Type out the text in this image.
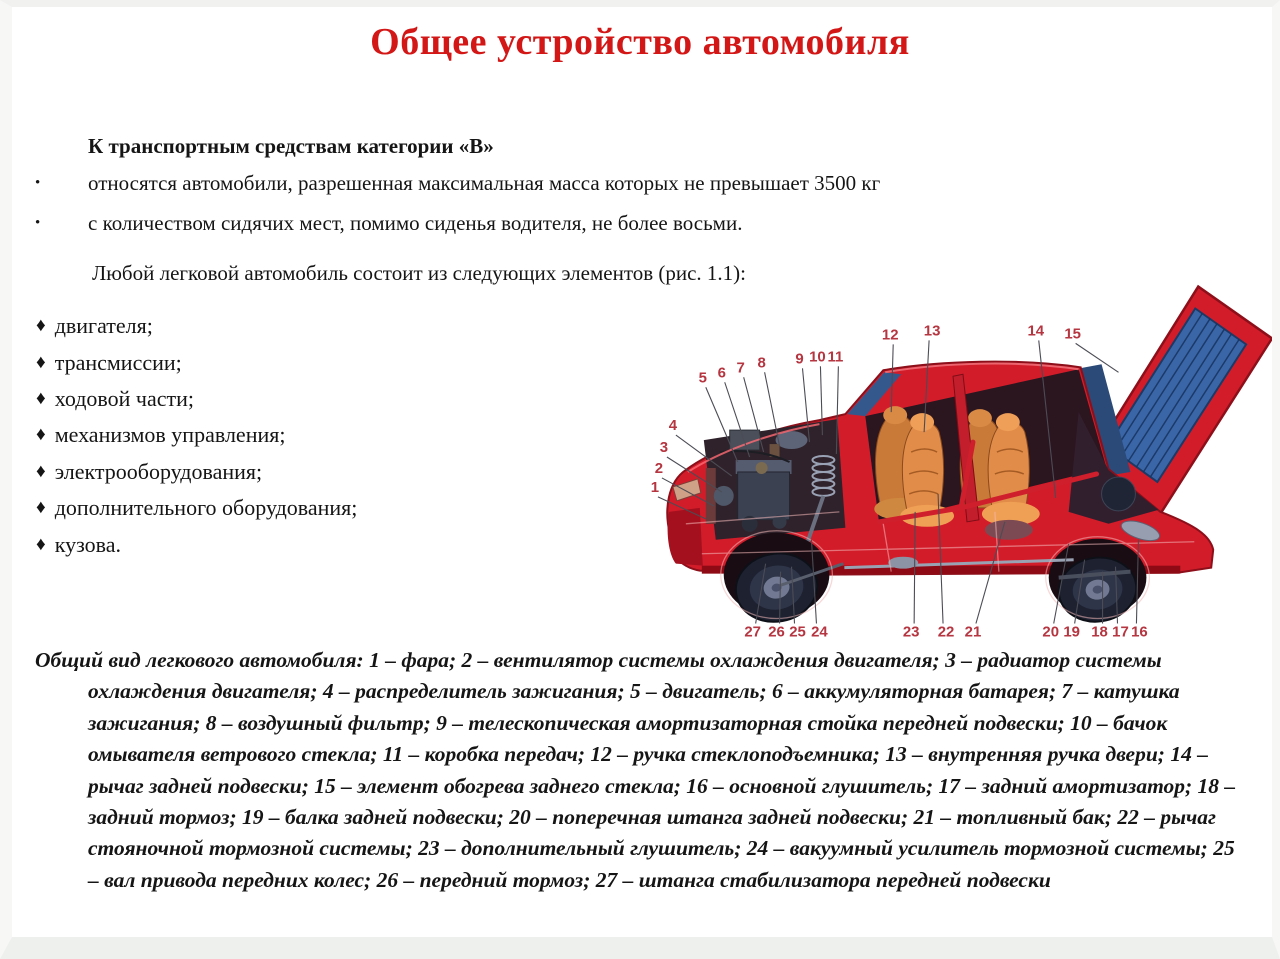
Общее устройство автомобиля

К транспортным средствам категории «В»

•	относятся автомобили, разрешенная максимальная масса которых не превышает 3500 кг
•	с количеством сидячих мест, помимо сиденья водителя, не более восьми.

Любой легковой автомобиль состоит из следующих элементов (рис. 1.1):

♦ двигателя;
♦ трансмиссии;
♦ ходовой части;
♦ механизмов управления;
♦ электрооборудования;
♦ дополнительного оборудования;
♦ кузова.
1
2
3
4
5 6 7 8 9 10 11
12 13	14 15
16
17
18
19
20
21
22
23
24
25
26
27

Общий вид легкового автомобиля: 1 – фара; 2 – вентилятор системы охлаждения двигателя; 3 – радиатор системы охлаждения двигателя; 4 – распределитель зажигания; 5 – двигатель; 6 – аккумуляторная батарея; 7 – катушка зажигания; 8 – воздушный фильтр; 9 – телескопическая амортизаторная стойка передней подвески; 10 – бачок омывателя ветрового стекла; 11 – коробка передач; 12 – ручка стеклоподъемника; 13 – внутренняя ручка двери; 14 – рычаг задней подвески; 15 – элемент обогрева заднего стекла; 16 – основной глушитель; 17 – задний амортизатор; 18 – задний тормоз; 19 – балка задней подвески; 20 – поперечная штанга задней подвески; 21 – топливный бак; 22 – рычаг стояночной тормозной системы; 23 – дополнительный глушитель; 24 – вакуумный усилитель тормозной системы; 25 – вал привода передних колес; 26 – передний тормоз; 27 – штанга стабилизатора передней подвески
